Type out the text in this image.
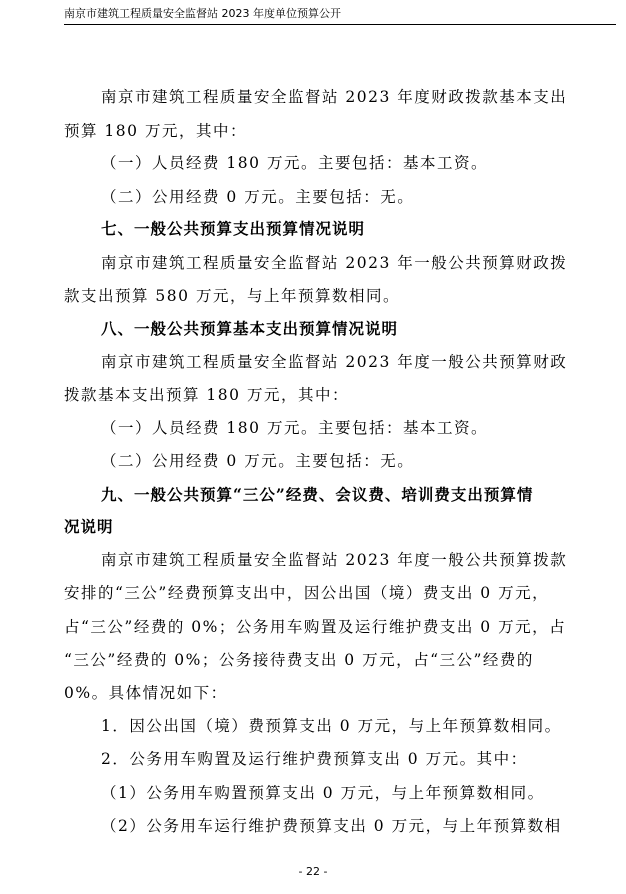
南京市建筑工程质量安全监督站 2023 年度单位预算公开
南京市建筑工程质量安全监督站 2023 年度财政拨款基本支出
预算 180 万元，其中：
（一）人员经费 180 万元。主要包括：基本工资。
（二）公用经费 0 万元。主要包括：无。
七、一般公共预算支出预算情况说明
南京市建筑工程质量安全监督站 2023 年一般公共预算财政拨
款支出预算 580 万元，与上年预算数相同。
八、一般公共预算基本支出预算情况说明
南京市建筑工程质量安全监督站 2023 年度一般公共预算财政
拨款基本支出预算 180 万元，其中：
（一）人员经费 180 万元。主要包括：基本工资。
（二）公用经费 0 万元。主要包括：无。
九、一般公共预算“三公”经费、会议费、培训费支出预算情
况说明
南京市建筑工程质量安全监督站 2023 年度一般公共预算拨款
安排的“三公”经费预算支出中，因公出国（境）费支出 0 万元，
占“三公”经费的 0%；公务用车购置及运行维护费支出 0 万元，占
“三公”经费的 0%；公务接待费支出 0 万元，占“三公”经费的
0%。具体情况如下：
1．因公出国（境）费预算支出 0 万元，与上年预算数相同。
2．公务用车购置及运行维护费预算支出 0 万元。其中：
（1）公务用车购置预算支出 0 万元，与上年预算数相同。
（2）公务用车运行维护费预算支出 0 万元，与上年预算数相
- 22 -
